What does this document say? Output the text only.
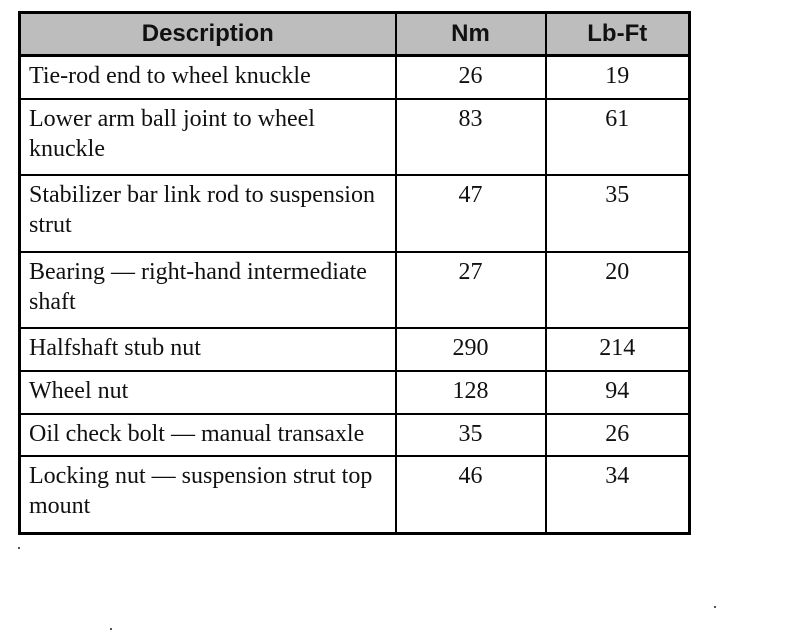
Description	Nm	Lb-Ft
Tie-rod end to wheel knuckle	26	19
Lower arm ball joint to wheel knuckle	83	61
Stabilizer bar link rod to suspension strut	47	35
Bearing — right-hand intermediate shaft	27	20
Halfshaft stub nut	290	214
Wheel nut	128	94
Oil check bolt — manual transaxle	35	26
Locking nut — suspension strut top mount	46	34
